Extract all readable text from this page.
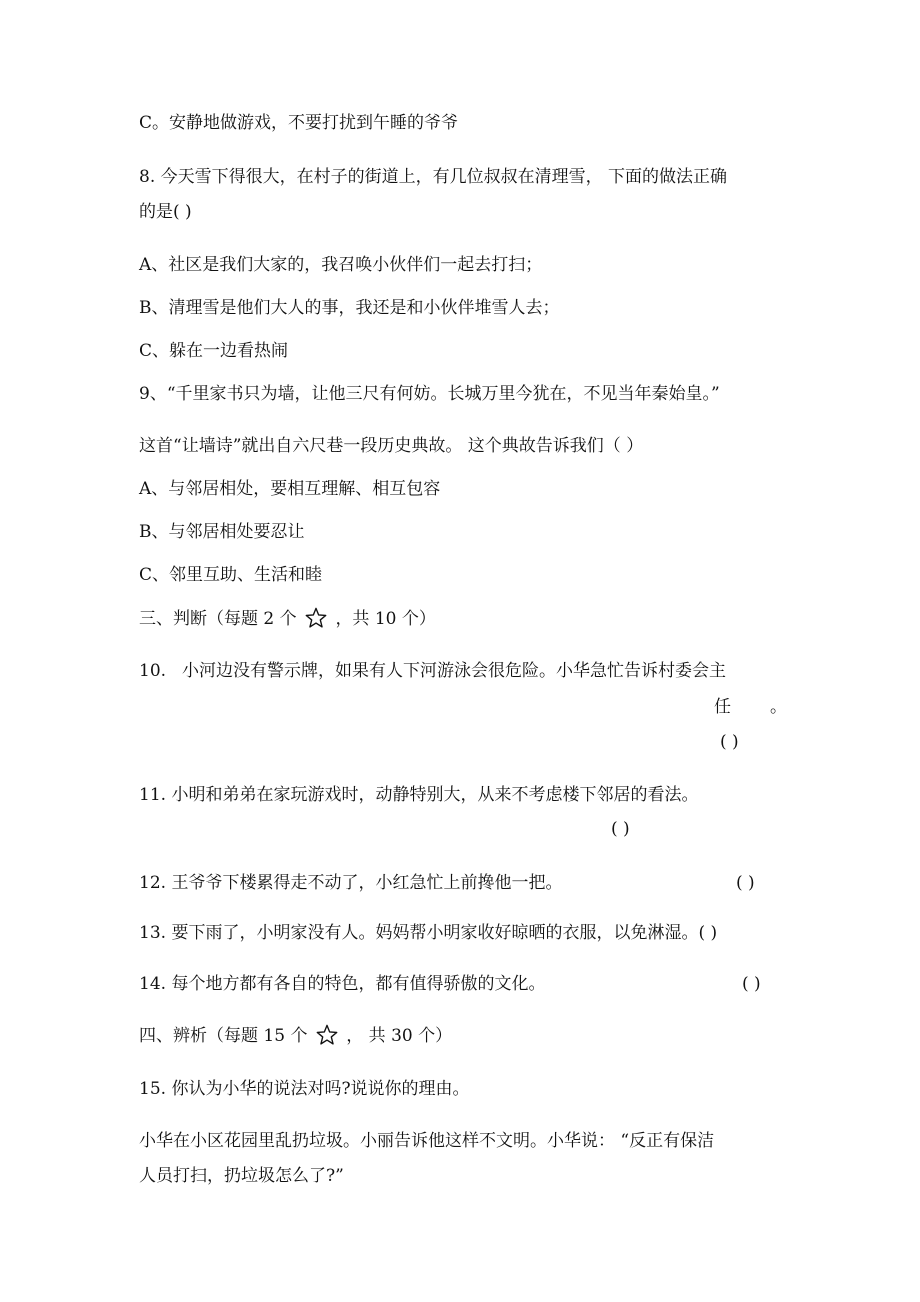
C。安静地做游戏，不要打扰到午睡的爷爷
8. 今天雪下得很大，在村子的街道上，有几位叔叔在清理雪， 下面的做法正确
的是( )
A、社区是我们大家的，我召唤小伙伴们一起去打扫；
B、清理雪是他们大人的事，我还是和小伙伴堆雪人去；
C、躲在一边看热闹
9、“千里家书只为墙，让他三尺有何妨。长城万里今犹在，不见当年秦始皇。”
这首“让墙诗”就出自六尺巷一段历史典故。 这个典故告诉我们（ ）
A、与邻居相处，要相互理解、相互包容
B、与邻居相处要忍让
C、邻里互助、生活和睦
三、判断（每题 2 个 ，共 10 个）
10. 小河边没有警示牌，如果有人下河游泳会很危险。小华急忙告诉村委会主
任 。
( )
11. 小明和弟弟在家玩游戏时，动静特别大，从来不考虑楼下邻居的看法。
( )
12. 王爷爷下楼累得走不动了，小红急忙上前搀他一把。	( )
13. 要下雨了，小明家没有人。妈妈帮小明家收好晾晒的衣服，以免淋湿。( )
14. 每个地方都有各自的特色，都有值得骄傲的文化。	( )
四、辨析（每题 15 个 ， 共 30 个）
15. 你认为小华的说法对吗?说说你的理由。
小华在小区花园里乱扔垃圾。小丽告诉他这样不文明。小华说： “反正有保洁
人员打扫，扔垃圾怎么了?”
